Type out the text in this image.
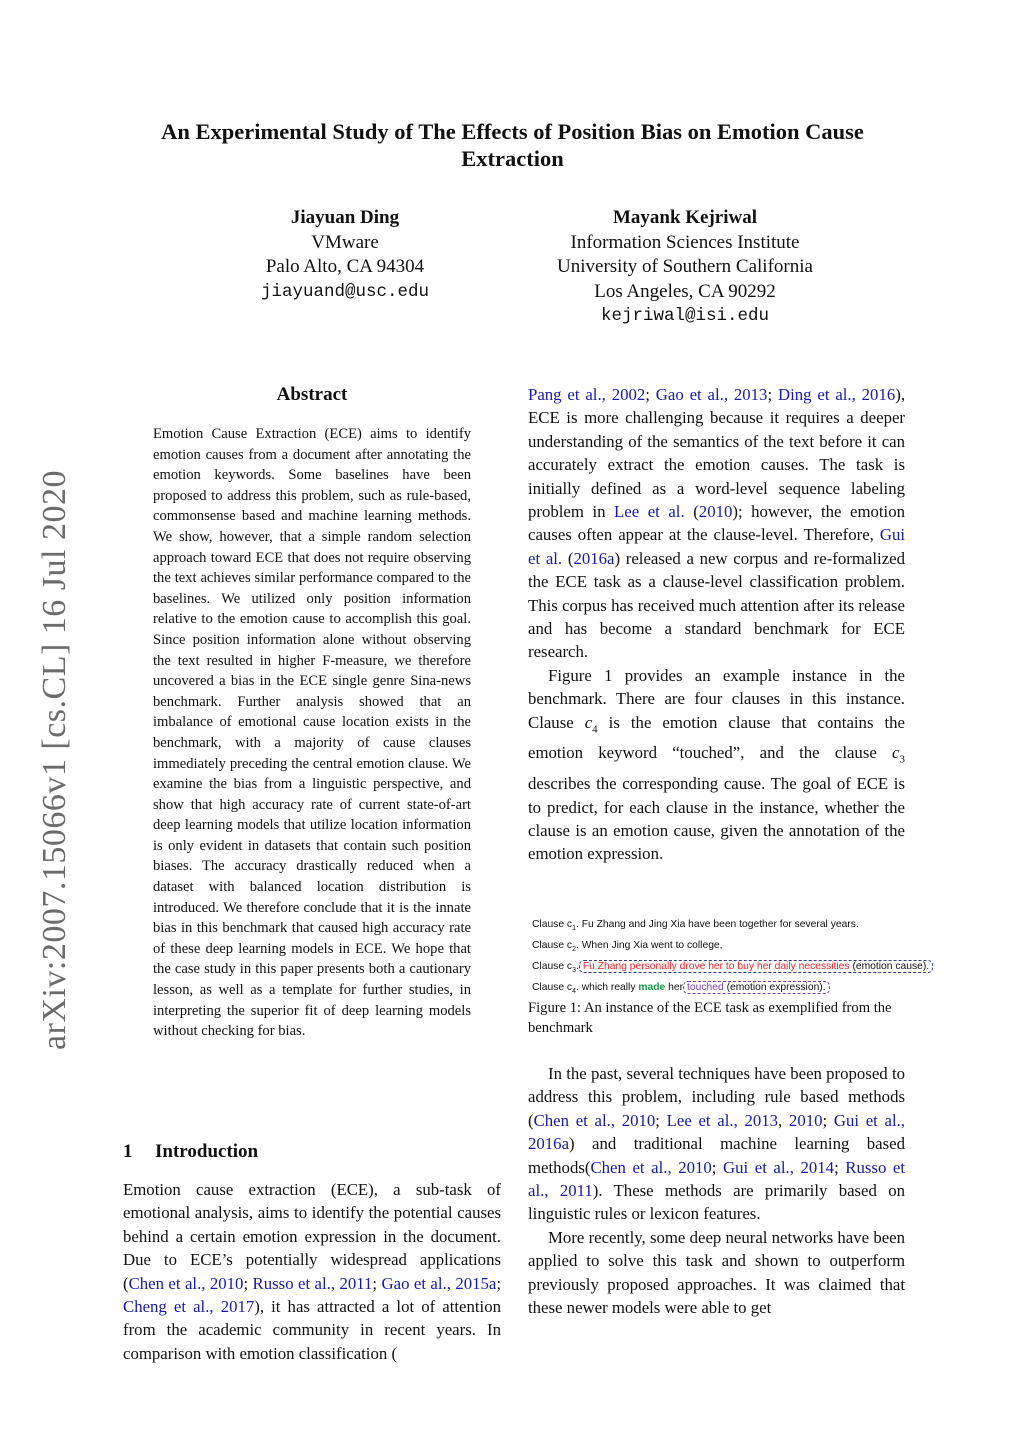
arXiv:2007.15066v1 [cs.CL] 16 Jul 2020
An Experimental Study of The Effects of Position Bias on Emotion Cause Extraction
Jiayuan Ding
VMware
Palo Alto, CA 94304
jiayuand@usc.edu
Mayank Kejriwal
Information Sciences Institute
University of Southern California
Los Angeles, CA 90292
kejriwal@isi.edu
Abstract
Emotion Cause Extraction (ECE) aims to identify emotion causes from a document after annotating the emotion keywords. Some baselines have been proposed to address this problem, such as rule-based, commonsense based and machine learning methods. We show, however, that a simple random selection approach toward ECE that does not require observing the text achieves similar performance compared to the baselines. We utilized only position information relative to the emotion cause to accomplish this goal. Since position information alone without observing the text resulted in higher F-measure, we therefore uncovered a bias in the ECE single genre Sina-news benchmark. Further analysis showed that an imbalance of emotional cause location exists in the benchmark, with a majority of cause clauses immediately preceding the central emotion clause. We examine the bias from a linguistic perspective, and show that high accuracy rate of current state-of-art deep learning models that utilize location information is only evident in datasets that contain such position biases. The accuracy drastically reduced when a dataset with balanced location distribution is introduced. We therefore conclude that it is the innate bias in this benchmark that caused high accuracy rate of these deep learning models in ECE. We hope that the case study in this paper presents both a cautionary lesson, as well as a template for further studies, in interpreting the superior fit of deep learning models without checking for bias.
1 Introduction
Emotion cause extraction (ECE), a sub-task of emotional analysis, aims to identify the potential causes behind a certain emotion expression in the document. Due to ECE’s potentially widespread applications (Chen et al., 2010; Russo et al., 2011; Gao et al., 2015a; Cheng et al., 2017), it has attracted a lot of attention from the academic community in recent years. In comparison with emotion classification (

Pang et al., 2002; Gao et al., 2013; Ding et al., 2016), ECE is more challenging because it requires a deeper understanding of the semantics of the text before it can accurately extract the emotion causes. The task is initially defined as a word-level sequence labeling problem in Lee et al. (2010); however, the emotion causes often appear at the clause-level. Therefore, Gui et al. (2016a) released a new corpus and re-formalized the ECE task as a clause-level classification problem. This corpus has received much attention after its release and has become a standard benchmark for ECE research.

Figure 1 provides an example instance in the benchmark. There are four clauses in this instance. Clause $c_4$ is the emotion clause that contains the emotion keyword “touched”, and the clause $c_3$ describes the corresponding cause. The goal of ECE is to predict, for each clause in the instance, whether the clause is an emotion cause, given the annotation of the emotion expression.

Clause $c_1$. Fu Zhang and Jing Xia have been together for several years.
Clause $c_2$. When Jing Xia went to college,
Clause $c_3$. Fu Zhang personally drove her to buy her daily necessities (emotion cause).
Clause $c_4$. which really made her touched (emotion expression).
Figure 1: An instance of the ECE task as exemplified from the benchmark

In the past, several techniques have been proposed to address this problem, including rule based methods (Chen et al., 2010; Lee et al., 2013, 2010; Gui et al., 2016a) and traditional machine learning based methods(Chen et al., 2010; Gui et al., 2014; Russo et al., 2011). These methods are primarily based on linguistic rules or lexicon features.

More recently, some deep neural networks have been applied to solve this task and shown to outperform previously proposed approaches. It was claimed that these newer models were able to get
